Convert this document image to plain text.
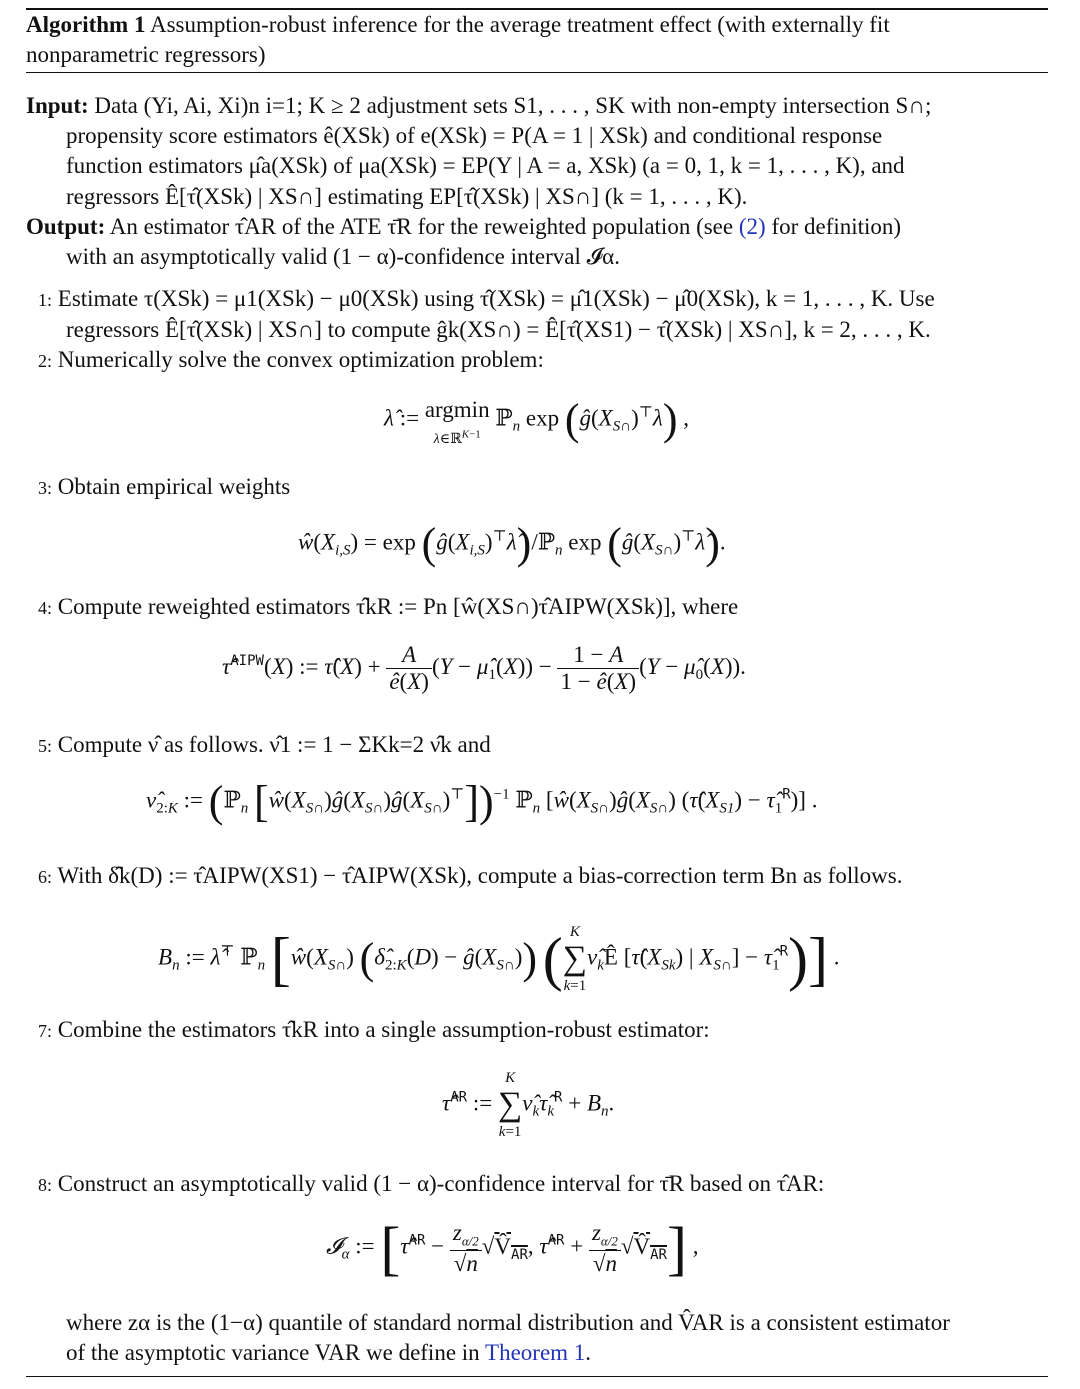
Algorithm 1 Assumption-robust inference for the average treatment effect (with externally fit
nonparametric regressors)
Input: Data (Yi, Ai, Xi)n i=1; K ≥ 2 adjustment sets S1, . . . , SK with non-empty intersection S∩;
propensity score estimators ê(XSk) of e(XSk) = P(A = 1 | XSk) and conditional response
function estimators μ̂a(XSk) of μa(XSk) = EP(Y | A = a, XSk) (a = 0, 1, k = 1, . . . , K), and
regressors Ê[τ̂(XSk) | XS∩] estimating EP[τ̂(XSk) | XS∩] (k = 1, . . . , K).
Output: An estimator τ̂AR of the ATE τ̄R for the reweighted population (see (2) for definition)
with an asymptotically valid (1 − α)-confidence interval 𝓘α.
1: Estimate τ(XSk) = μ1(XSk) − μ0(XSk) using τ̂(XSk) = μ̂1(XSk) − μ̂0(XSk), k = 1, . . . , K. Use
regressors Ê[τ̂(XSk) | XS∩] to compute ĝk(XS∩) = Ê[τ̂(XS1) − τ̂(XSk) | XS∩], k = 2, . . . , K.
2: Numerically solve the convex optimization problem:
λ̂ := argmin
λ∈ℝ$^{K-1}$ ℙ$_n$ $\exp (ĝ(X_{S\cap})^⊤\lambda)$ ,
3: Obtain empirical weights
$ŵ(X_{i,S}) = \exp$ $(ĝ(X_{i,S})^⊤\lambdâ)/ℙ_n$ $\exp (ĝ(X_{S\cap})^⊤\lambdâ)$.
4: Compute reweighted estimators τ̂kR := Pn [ŵ(XS∩)τ̂AIPW(XSk)], where
τ̂$^{AIPW}$(X) := τ̂(X) + $\frac{A}{ê(X)} (Y$ − $\mû_1(X)) - \frac{1 - A}{1 - ê(X)} (Y$ − $\mû_0(X)$).
5: Compute ν̂ as follows. ν̂1 := 1 − ΣKk=2 ν̂k and
$\nû_{2:K}$ := (ℙ$_n$ $[ŵ(X_{S\cap})ĝ(X_{S\cap})ĝ(X_{S\cap})^⊤])^{-1}$ ℙ$_n$ [$ŵ(X_{S\cap})ĝ(X_{S\cap})$ ($\taû(X_{S1})$ − $\taû_1^R$)] .
6: With δ̂k(D) := τ̂AIPW(XS1) − τ̂AIPW(XSk), compute a bias-correction term Bn as follows.
$B_n$ := λ̂⊤ ℙ$_n$ [$ŵ(X_{S\cap})$ ($\deltâ_{2:K}(D)$ − $ĝ(X_{S\cap})$) ( K
∑
k=1
$\nû_kÊ$ [$\taû(X_{Sk})$ | $X_{S\cap}$] − $\taû_1^R$)] .
7: Combine the estimators τ̂kR into a single assumption-robust estimator:
τ̂$^{AR}$ :=
K
∑
k=1
$\nû_k\taû_k^R + B_n$.
8: Construct an asymptotically valid (1 − α)-confidence interval for τ̄R based on τ̂AR:
𝓘$_\alpha$ := [τ̂$^{AR}$ − $\frac{z_{\alpha/2}}{√n}$ $√V̂_{AR}$, τ̂$^{AR}$ + $\frac{z_{\alpha/2}}{√n}$ $√V̂_{AR}$] ,
where zα is the (1−α) quantile of standard normal distribution and V̂AR is a consistent estimator
of the asymptotic variance VAR we define in Theorem 1.
